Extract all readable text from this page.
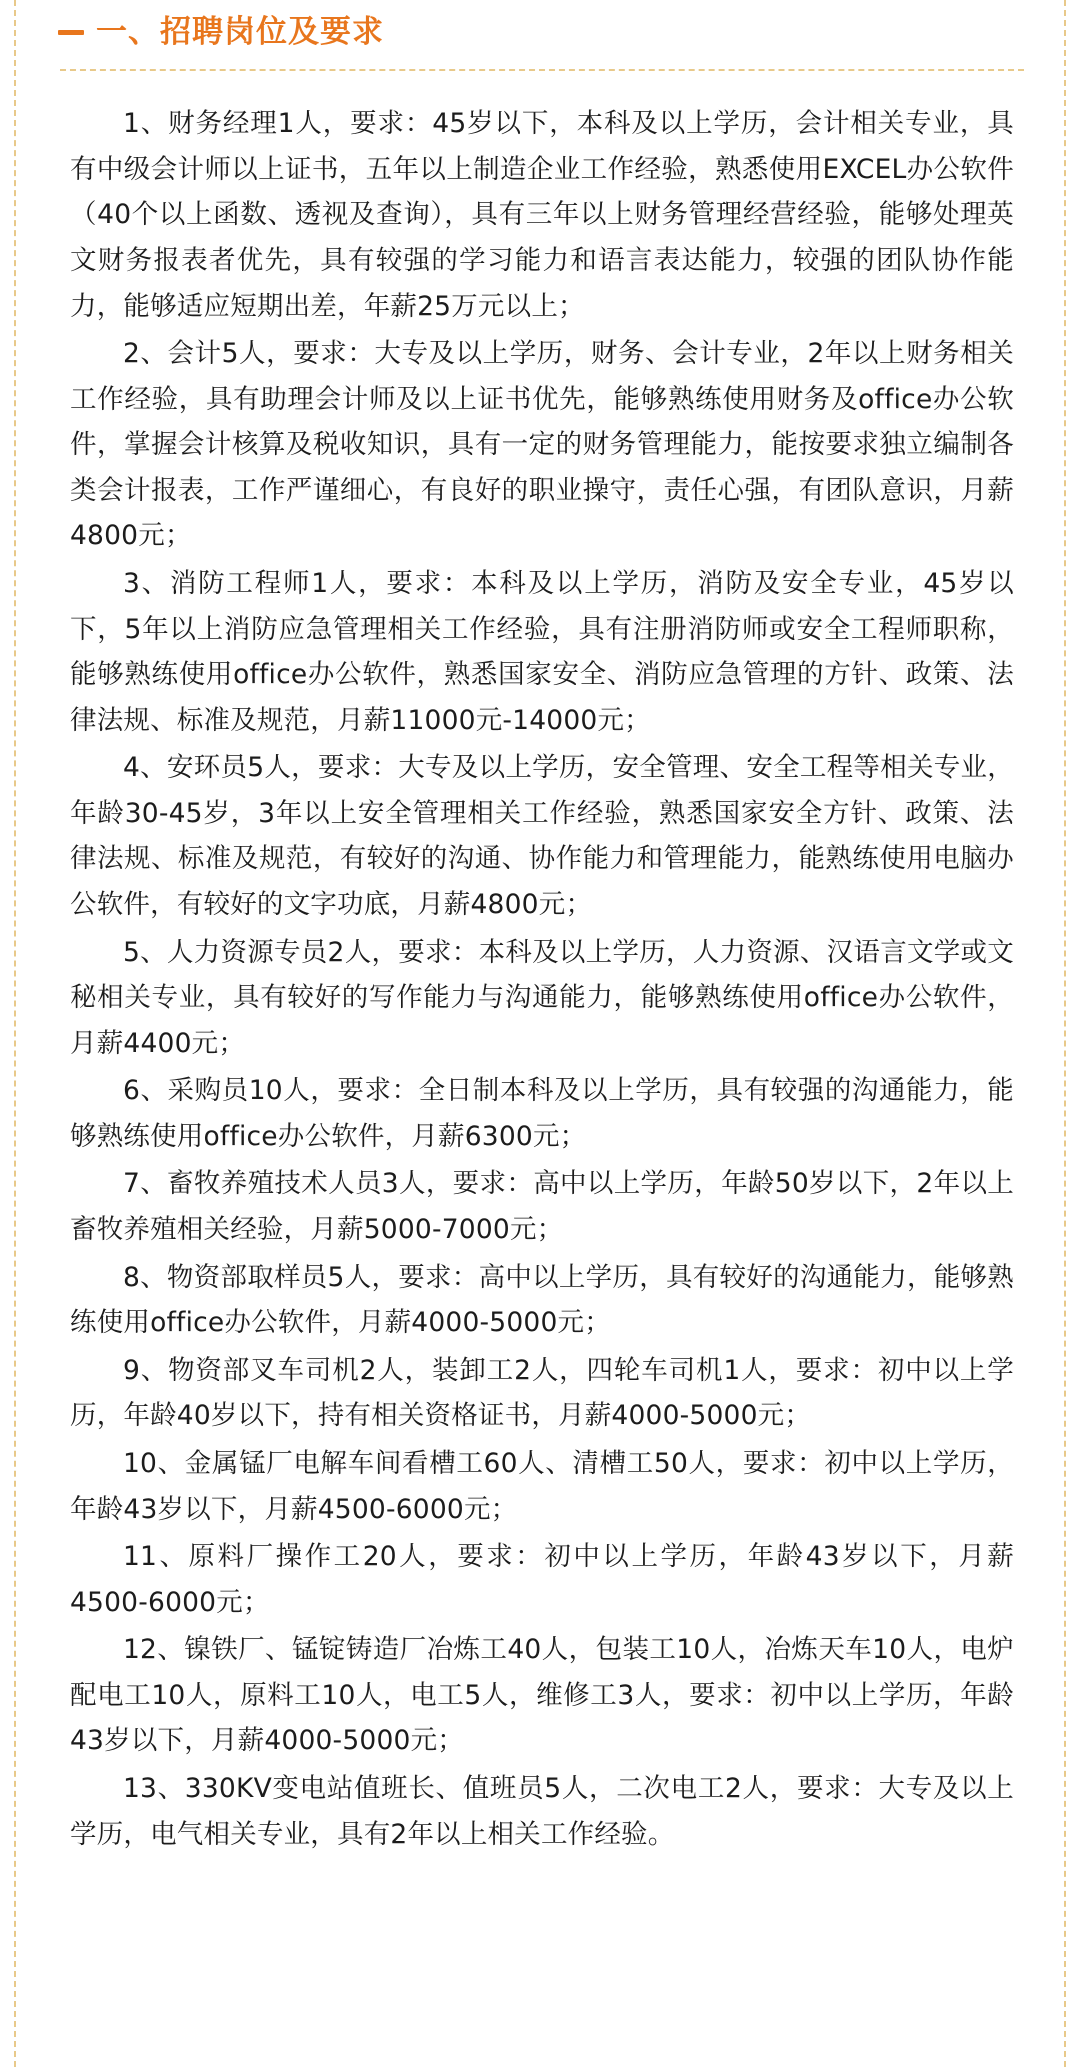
一、招聘岗位及要求

1、财务经理1人，要求：45岁以下，本科及以上学历，会计相关专业，具有中级会计师以上证书，五年以上制造企业工作经验，熟悉使用EXCEL办公软件（40个以上函数、透视及查询），具有三年以上财务管理经营经验，能够处理英文财务报表者优先，具有较强的学习能力和语言表达能力，较强的团队协作能力，能够适应短期出差，年薪25万元以上；

2、会计5人，要求：大专及以上学历，财务、会计专业，2年以上财务相关工作经验，具有助理会计师及以上证书优先，能够熟练使用财务及office办公软件，掌握会计核算及税收知识，具有一定的财务管理能力，能按要求独立编制各类会计报表，工作严谨细心，有良好的职业操守，责任心强，有团队意识，月薪4800元；

3、消防工程师1人，要求：本科及以上学历，消防及安全专业，45岁以下，5年以上消防应急管理相关工作经验，具有注册消防师或安全工程师职称，能够熟练使用office办公软件，熟悉国家安全、消防应急管理的方针、政策、法律法规、标准及规范，月薪11000元-14000元；

4、安环员5人，要求：大专及以上学历，安全管理、安全工程等相关专业，年龄30-45岁，3年以上安全管理相关工作经验，熟悉国家安全方针、政策、法律法规、标准及规范，有较好的沟通、协作能力和管理能力，能熟练使用电脑办公软件，有较好的文字功底，月薪4800元；

5、人力资源专员2人，要求：本科及以上学历，人力资源、汉语言文学或文秘相关专业，具有较好的写作能力与沟通能力，能够熟练使用office办公软件，月薪4400元；

6、采购员10人，要求：全日制本科及以上学历，具有较强的沟通能力，能够熟练使用office办公软件，月薪6300元；

7、畜牧养殖技术人员3人，要求：高中以上学历，年龄50岁以下，2年以上畜牧养殖相关经验，月薪5000-7000元；

8、物资部取样员5人，要求：高中以上学历，具有较好的沟通能力，能够熟练使用office办公软件，月薪4000-5000元；

9、物资部叉车司机2人，装卸工2人，四轮车司机1人，要求：初中以上学历，年龄40岁以下，持有相关资格证书，月薪4000-5000元；

10、金属锰厂电解车间看槽工60人、清槽工50人，要求：初中以上学历，年龄43岁以下，月薪4500-6000元；

11、原料厂操作工20人，要求：初中以上学历，年龄43岁以下，月薪4500-6000元；

12、镍铁厂、锰锭铸造厂冶炼工40人，包装工10人，冶炼天车10人，电炉配电工10人，原料工10人，电工5人，维修工3人，要求：初中以上学历，年龄43岁以下，月薪4000-5000元；

13、330KV变电站值班长、值班员5人，二次电工2人，要求：大专及以上学历，电气相关专业，具有2年以上相关工作经验。
